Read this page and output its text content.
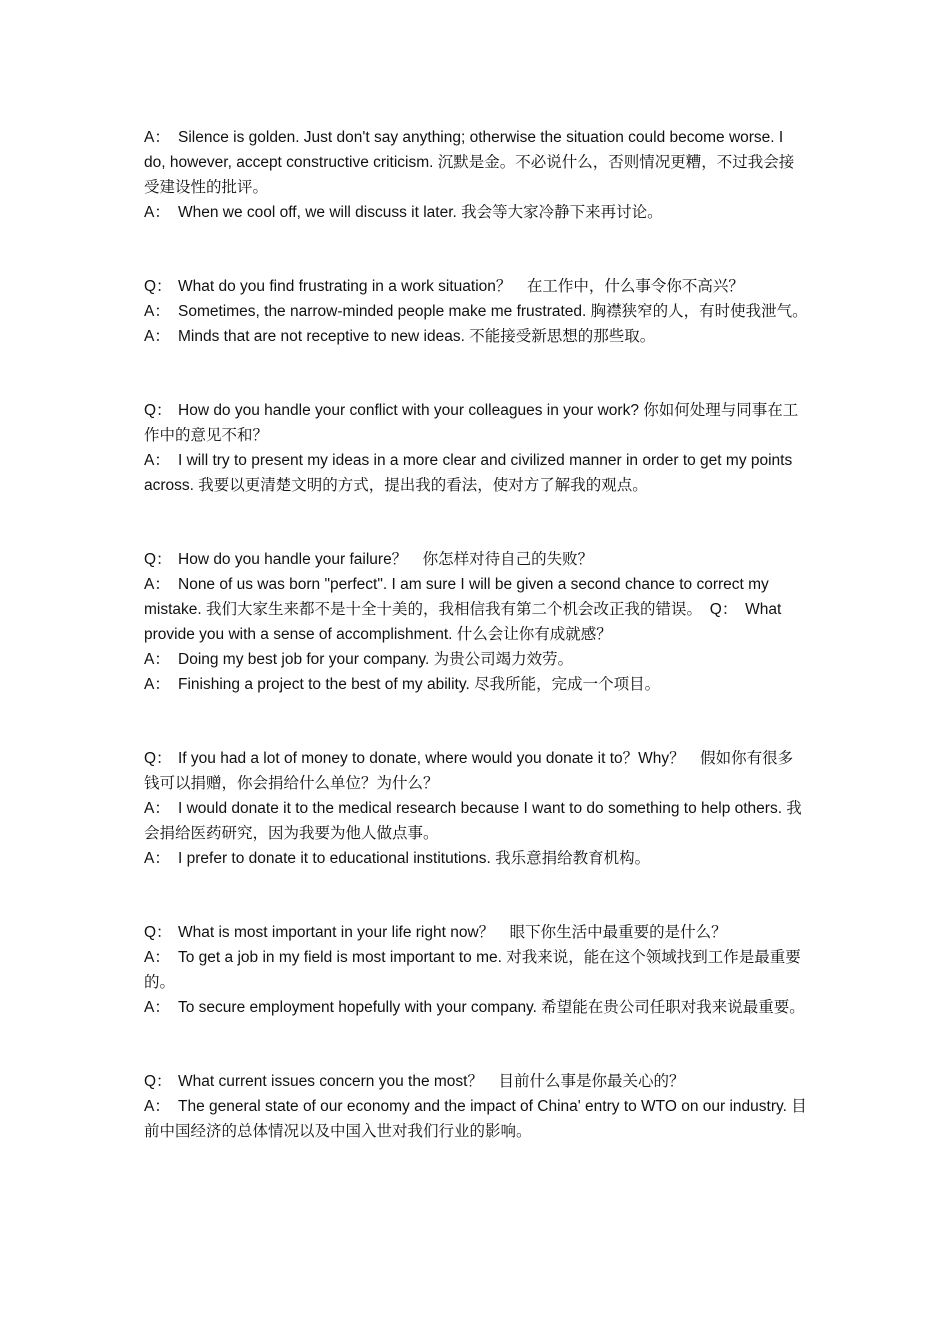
A： Silence is golden. Just don't say anything; otherwise the situation could become worse. I do, however, accept constructive criticism. 沉默是金。不必说什么，否则情况更糟，不过我会接受建设性的批评。

A： When we cool off, we will discuss it later. 我会等大家冷静下来再讨论。

Q： What do you find frustrating in a work situation？　在工作中，什么事令你不高兴？

A： Sometimes, the narrow-minded people make me frustrated. 胸襟狭窄的人，有时使我泄气。

A： Minds that are not receptive to new ideas. 不能接受新思想的那些取。

Q： How do you handle your conflict with your colleagues in your work? 你如何处理与同事在工作中的意见不和？

A： I will try to present my ideas in a more clear and civilized manner in order to get my points across. 我要以更清楚文明的方式，提出我的看法，使对方了解我的观点。

Q： How do you handle your failure？　你怎样对待自己的失败？

A： None of us was born "perfect". I am sure I will be given a second chance to correct my mistake. 我们大家生来都不是十全十美的，我相信我有第二个机会改正我的错误。　Q：　What provide you with a sense of accomplishment. 什么会让你有成就感？

A： Doing my best job for your company. 为贵公司竭力效劳。

A： Finishing a project to the best of my ability. 尽我所能，完成一个项目。

Q： If you had a lot of money to donate, where would you donate it to？Why？　假如你有很多钱可以捐赠，你会捐给什么单位？为什么？

A： I would donate it to the medical research because I want to do something to help others. 我会捐给医药研究，因为我要为他人做点事。

A： I prefer to donate it to educational institutions. 我乐意捐给教育机构。

Q： What is most important in your life right now？　眼下你生活中最重要的是什么？

A： To get a job in my field is most important to me. 对我来说，能在这个领域找到工作是最重要的。

A： To secure employment hopefully with your company. 希望能在贵公司任职对我来说最重要。

Q： What current issues concern you the most？　目前什么事是你最关心的？

A： The general state of our economy and the impact of China' entry to WTO on our industry. 目前中国经济的总体情况以及中国入世对我们行业的影响。
